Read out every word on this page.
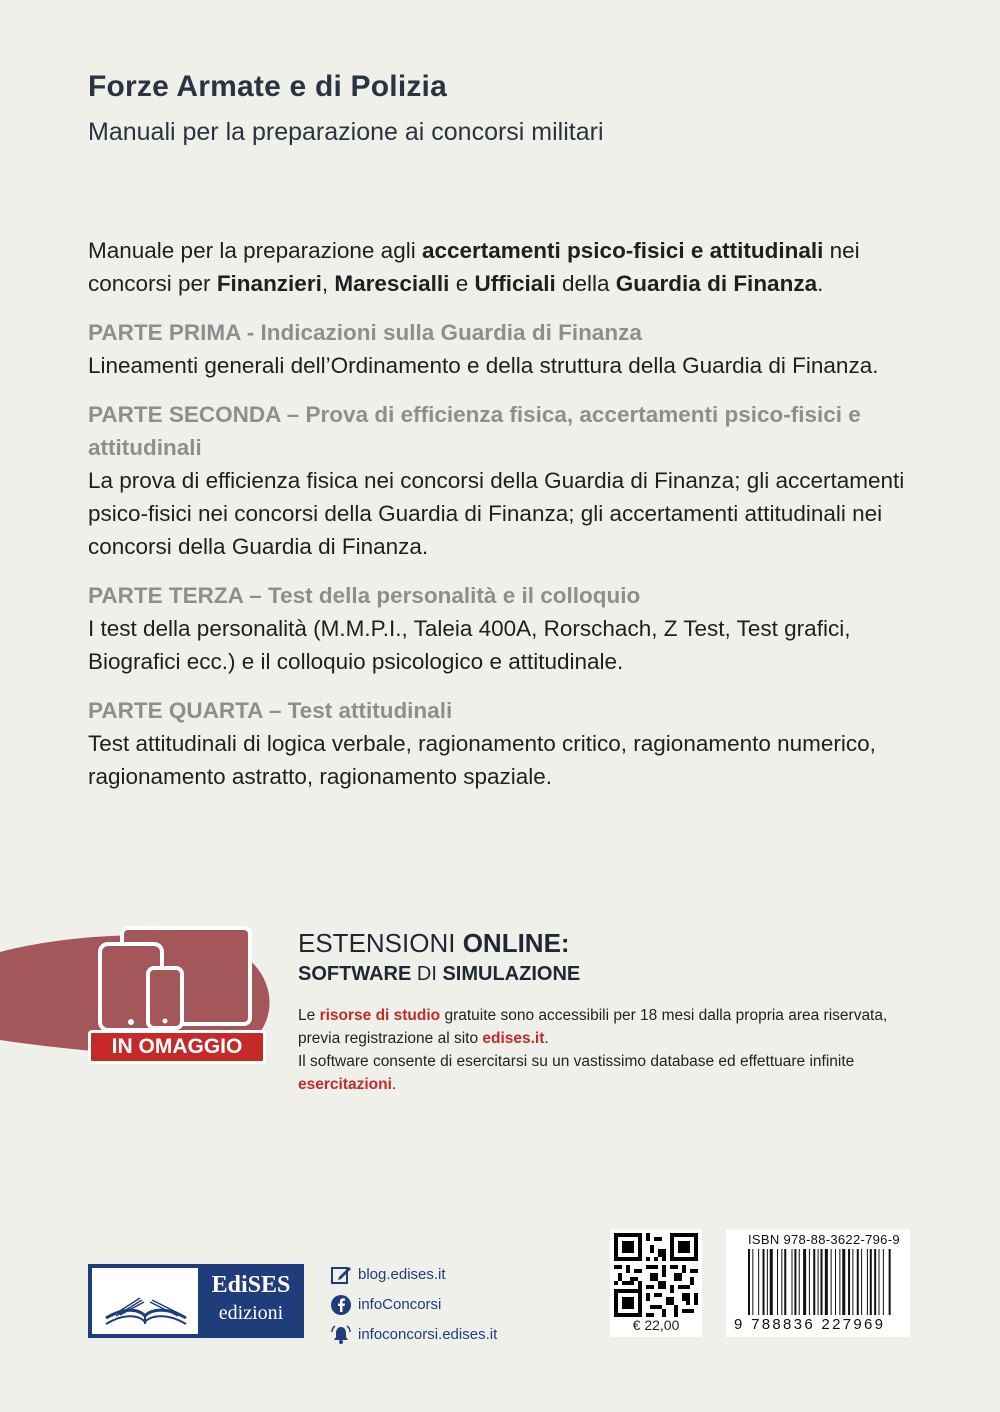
Forze Armate e di Polizia
Manuali per la preparazione ai concorsi militari

Manuale per la preparazione agli accertamenti psico-fisici e attitudinali nei concorsi per Finanzieri, Marescialli e Ufficiali della Guardia di Finanza.

PARTE PRIMA - Indicazioni sulla Guardia di Finanza
Lineamenti generali dell’Ordinamento e della struttura della Guardia di Finanza.
PARTE SECONDA – Prova di efficienza fisica, accertamenti psico-fisici e attitudinali
La prova di efficienza fisica nei concorsi della Guardia di Finanza; gli accertamenti psico-fisici nei concorsi della Guardia di Finanza; gli accertamenti attitudinali nei concorsi della Guardia di Finanza.
PARTE TERZA – Test della personalità e il colloquio
I test della personalità (M.M.P.I., Taleia 400A, Rorschach, Z Test, Test grafici, Biografici ecc.) e il colloquio psicologico e attitudinale.
PARTE QUARTA – Test attitudinali
Test attitudinali di logica verbale, ragionamento critico, ragionamento numerico, ragionamento astratto, ragionamento spaziale.
IN OMAGGIO
ESTENSIONI ONLINE:
SOFTWARE DI SIMULAZIONE
Le risorse di studio gratuite sono accessibili per 18 mesi dalla propria area riservata, previa registrazione al sito edises.it.
Il software consente di esercitarsi su un vastissimo database ed effettuare infinite esercitazioni.
EdiSES
edizioni
blog.edises.it
infoConcorsi
infoconcorsi.edises.it
€ 22,00
ISBN 978-88-3622-796-9
9 788836 227969
